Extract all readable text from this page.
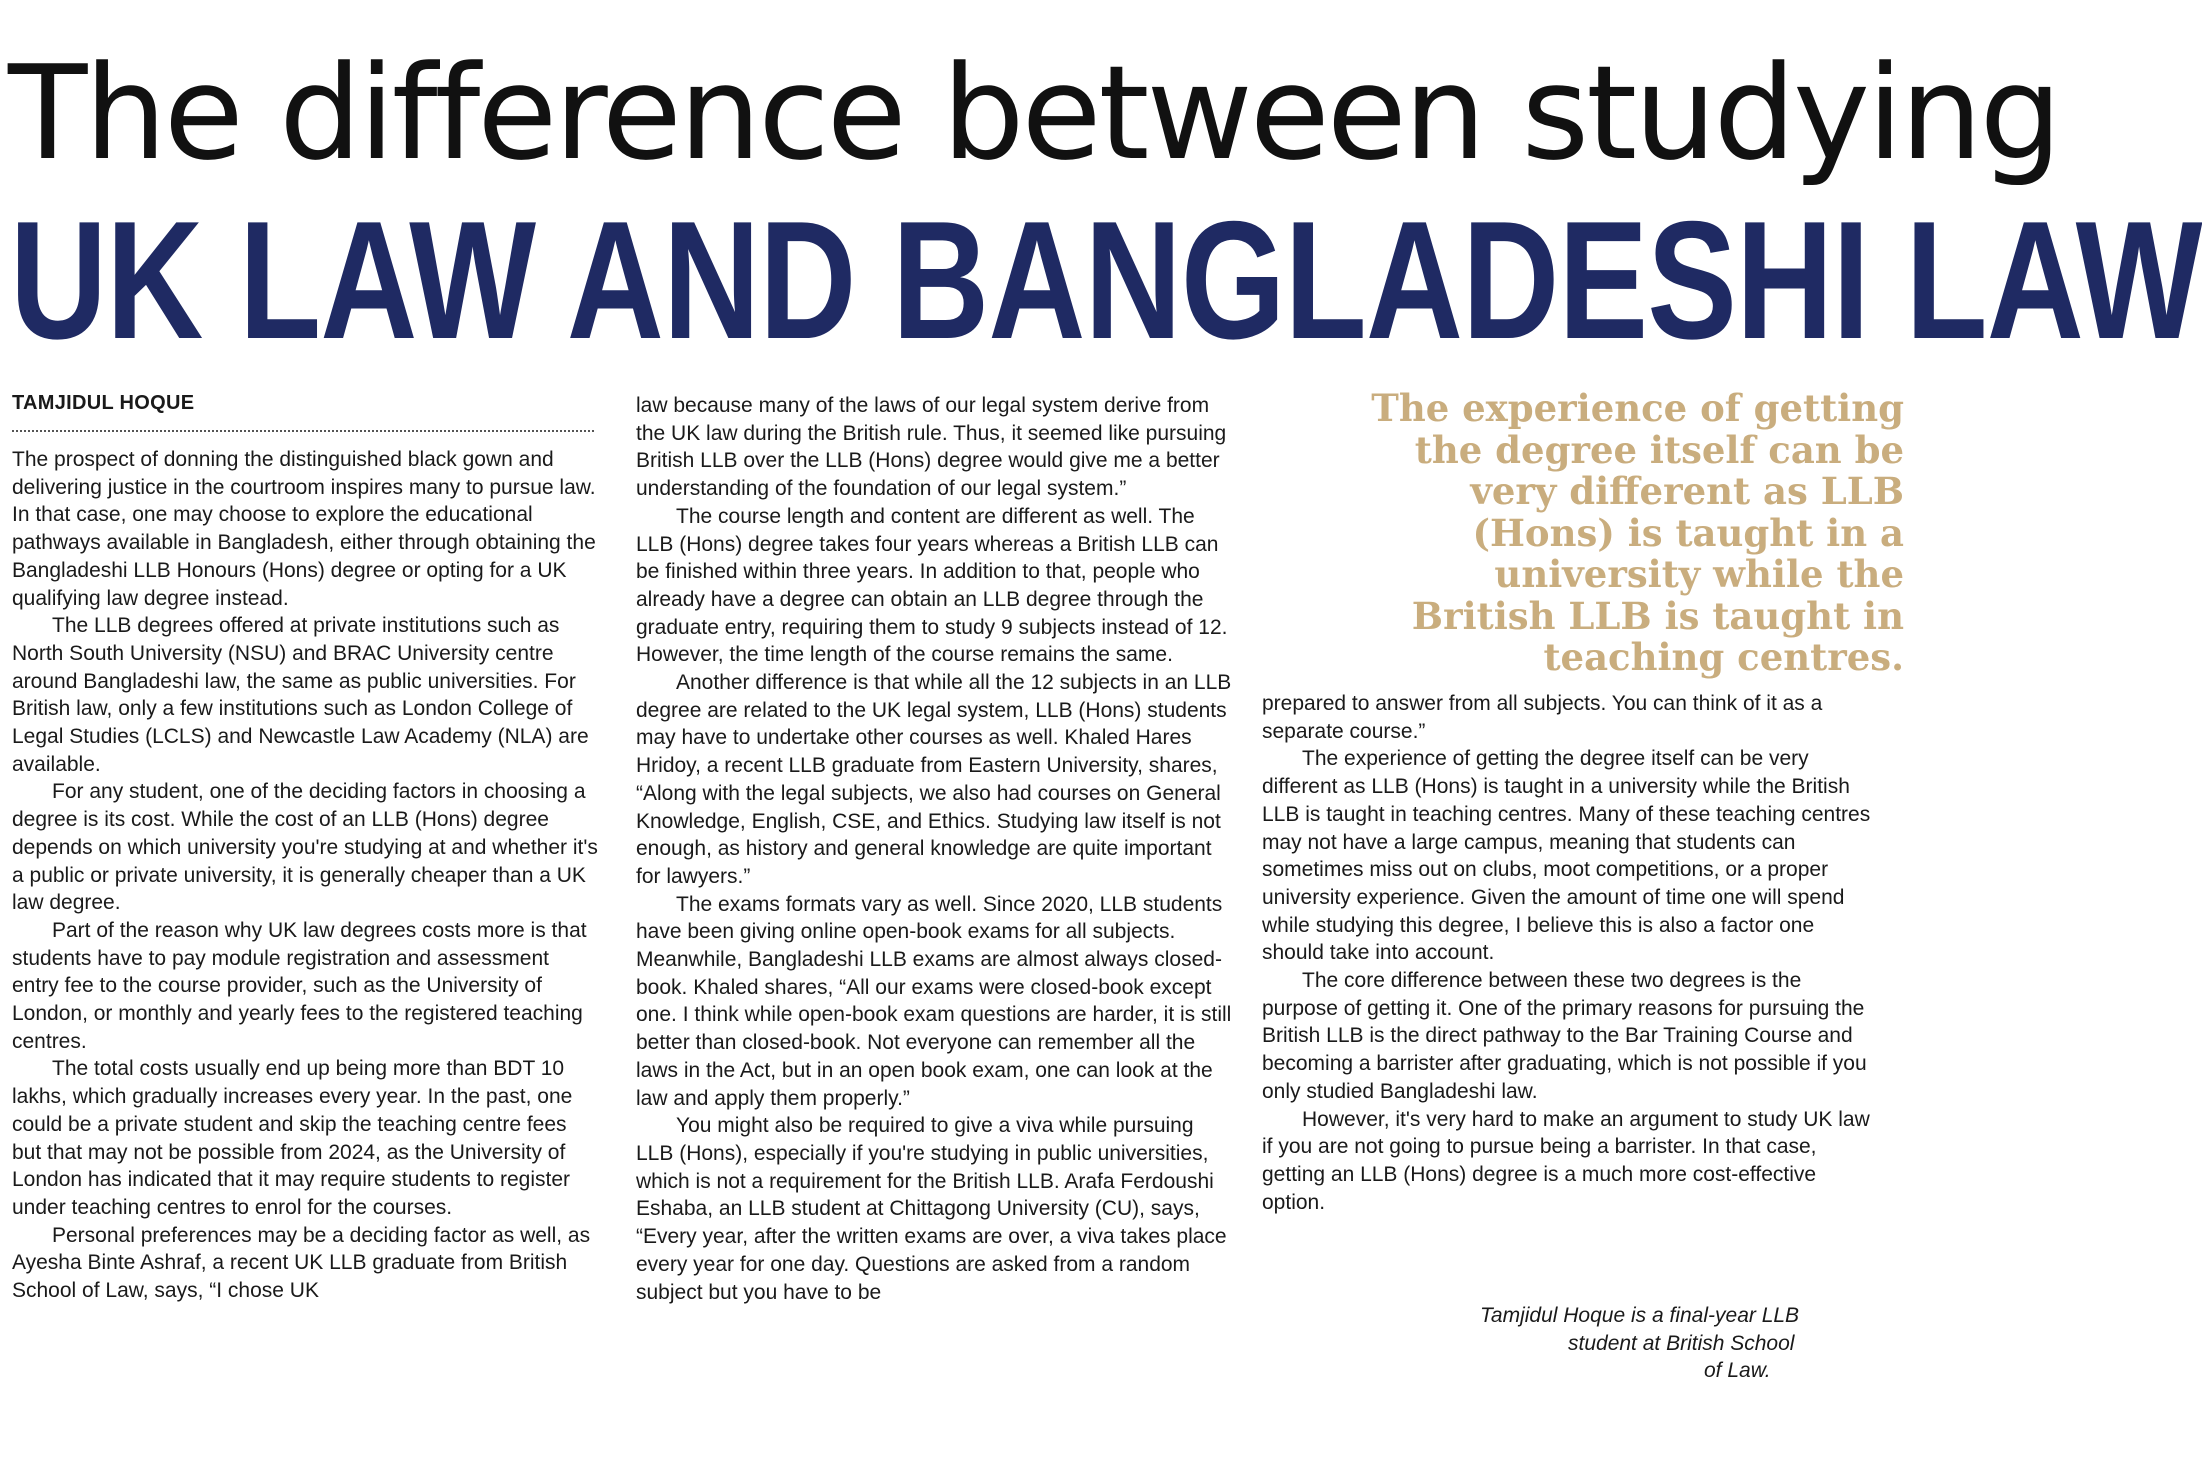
The difference between studying
UK LAW AND BANGLADESHI LAW
TAMJIDUL HOQUE

The prospect of donning the distinguished black gown and delivering justice in the courtroom inspires many to pursue law. In that case, one may choose to explore the educational pathways available in Bangladesh, either through obtaining the Bangladeshi LLB Honours (Hons) degree or opting for a UK qualifying law degree instead.

The LLB degrees offered at private institutions such as North South University (NSU) and BRAC University centre around Bangladeshi law, the same as public universities. For British law, only a few institutions such as London College of Legal Studies (LCLS) and Newcastle Law Academy (NLA) are available.

For any student, one of the deciding factors in choosing a degree is its cost. While the cost of an LLB (Hons) degree depends on which university you're studying at and whether it's a public or private university, it is generally cheaper than a UK law degree.

Part of the reason why UK law degrees costs more is that students have to pay module registration and assessment entry fee to the course provider, such as the University of London, or monthly and yearly fees to the registered teaching centres.

The total costs usually end up being more than BDT 10 lakhs, which gradually increases every year. In the past, one could be a private student and skip the teaching centre fees but that may not be possible from 2024, as the University of London has indicated that it may require students to register under teaching centres to enrol for the courses.

Personal preferences may be a deciding factor as well, as Ayesha Binte Ashraf, a recent UK LLB graduate from British School of Law, says, “I chose UK

law because many of the laws of our legal system derive from the UK law during the British rule. Thus, it seemed like pursuing British LLB over the LLB (Hons) degree would give me a better understanding of the foundation of our legal system.”

The course length and content are different as well. The LLB (Hons) degree takes four years whereas a British LLB can be finished within three years. In addition to that, people who already have a degree can obtain an LLB degree through the graduate entry, requiring them to study 9 subjects instead of 12. However, the time length of the course remains the same.

Another difference is that while all the 12 subjects in an LLB degree are related to the UK legal system, LLB (Hons) students may have to undertake other courses as well. Khaled Hares Hridoy, a recent LLB graduate from Eastern University, shares, “Along with the legal subjects, we also had courses on General Knowledge, English, CSE, and Ethics. Studying law itself is not enough, as history and general knowledge are quite important for lawyers.”

The exams formats vary as well. Since 2020, LLB students have been giving online open-book exams for all subjects. Meanwhile, Bangladeshi LLB exams are almost always closed-book. Khaled shares, “All our exams were closed-book except one. I think while open-book exam questions are harder, it is still better than closed-book. Not everyone can remember all the laws in the Act, but in an open book exam, one can look at the law and apply them properly.”

You might also be required to give a viva while pursuing LLB (Hons), especially if you're studying in public universities, which is not a requirement for the British LLB. Arafa Ferdoushi Eshaba, an LLB student at Chittagong University (CU), says, “Every year, after the written exams are over, a viva takes place every year for one day. Questions are asked from a random subject but you have to be

The experience of getting the degree itself can be very different as LLB (Hons) is taught in a university while the British LLB is taught in teaching centres.

prepared to answer from all subjects. You can think of it as a separate course.”

The experience of getting the degree itself can be very different as LLB (Hons) is taught in a university while the British LLB is taught in teaching centres. Many of these teaching centres may not have a large campus, meaning that students can sometimes miss out on clubs, moot competitions, or a proper university experience. Given the amount of time one will spend while studying this degree, I believe this is also a factor one should take into account.

The core difference between these two degrees is the purpose of getting it. One of the primary reasons for pursuing the British LLB is the direct pathway to the Bar Training Course and becoming a barrister after graduating, which is not possible if you only studied Bangladeshi law.

However, it's very hard to make an argument to study UK law if you are not going to pursue being a barrister. In that case, getting an LLB (Hons) degree is a much more cost-effective option.

Tamjidul Hoque is a final-year LLB
student at British School
of Law.
